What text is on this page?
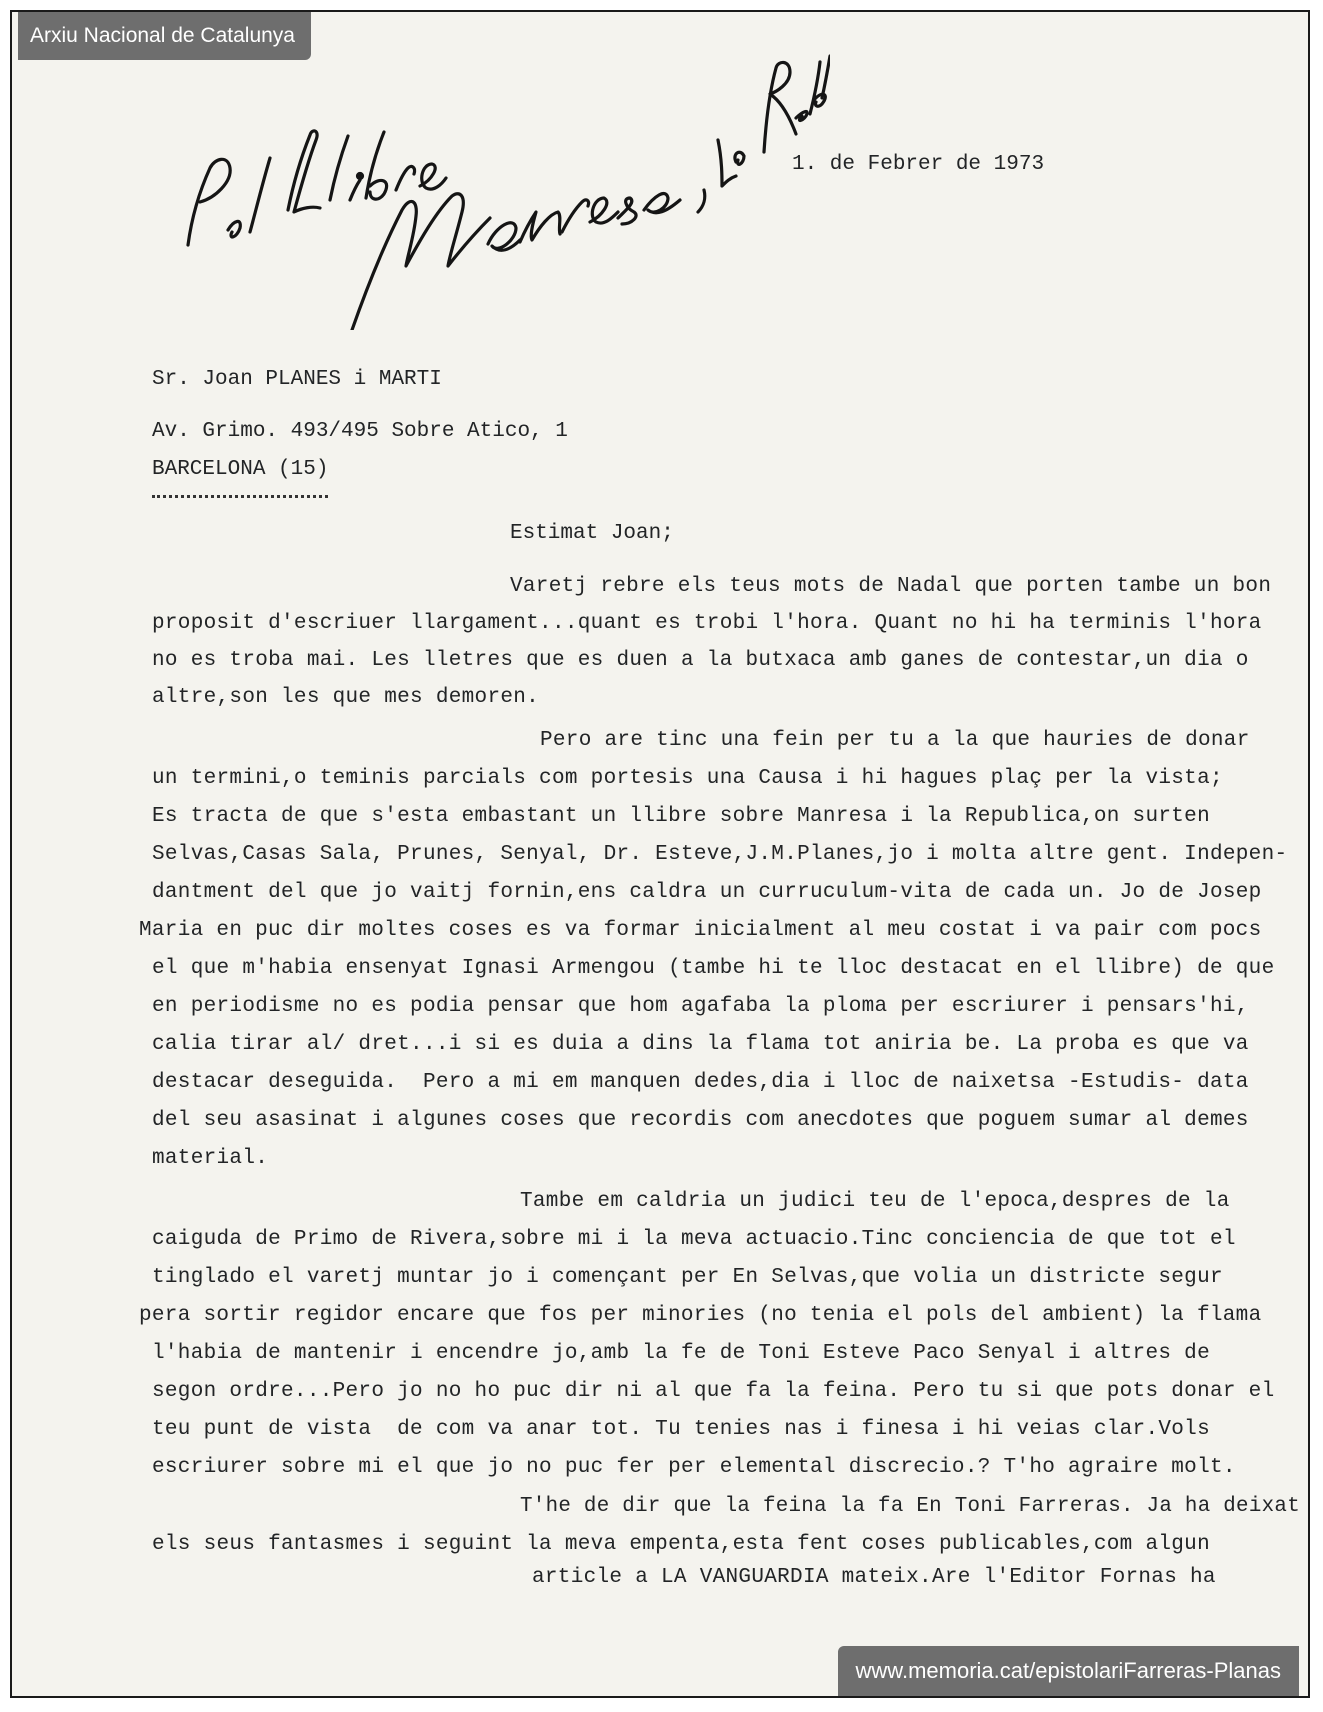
Arxiu Nacional de Catalunya
1. de Febrer de 1973
Sr. Joan PLANES i MARTI
Av. Grimo. 493/495 Sobre Atico, 1
BARCELONA (15)
Estimat Joan;
Varetj rebre els teus mots de Nadal que porten tambe un bon
proposit d'escriuer llargament...quant es trobi l'hora. Quant no hi ha terminis l'hora
no es troba mai. Les lletres que es duen a la butxaca amb ganes de contestar,un dia o
altre,son les que mes demoren.
Pero are tinc una fein per tu a la que hauries de donar
un termini,o teminis parcials com portesis una Causa i hi hagues plaç per la vista;
Es tracta de que s'esta embastant un llibre sobre Manresa i la Republica,on surten
Selvas,Casas Sala, Prunes, Senyal, Dr. Esteve,J.M.Planes,jo i molta altre gent. Indepen-
dantment del que jo vaitj fornin,ens caldra un curruculum-vita de cada un. Jo de Josep
Maria en puc dir moltes coses es va formar inicialment al meu costat i va pair com pocs
el que m'habia ensenyat Ignasi Armengou (tambe hi te lloc destacat en el llibre) de que
en periodisme no es podia pensar que hom agafaba la ploma per escriurer i pensars'hi,
calia tirar al/ dret...i si es duia a dins la flama tot aniria be. La proba es que va
destacar deseguida.  Pero a mi em manquen dedes,dia i lloc de naixetsa -Estudis- data
del seu asasinat i algunes coses que recordis com anecdotes que poguem sumar al demes
material.
Tambe em caldria un judici teu de l'epoca,despres de la
caiguda de Primo de Rivera,sobre mi i la meva actuacio.Tinc conciencia de que tot el
tinglado el varetj muntar jo i començant per En Selvas,que volia un districte segur
pera sortir regidor encare que fos per minories (no tenia el pols del ambient) la flama
l'habia de mantenir i encendre jo,amb la fe de Toni Esteve Paco Senyal i altres de
segon ordre...Pero jo no ho puc dir ni al que fa la feina. Pero tu si que pots donar el
teu punt de vista  de com va anar tot. Tu tenies nas i finesa i hi veias clar.Vols
escriurer sobre mi el que jo no puc fer per elemental discrecio.? T'ho agraire molt.
T'he de dir que la feina la fa En Toni Farreras. Ja ha deixat
els seus fantasmes i seguint la meva empenta,esta fent coses publicables,com algun
article a LA VANGUARDIA mateix.Are l'Editor Fornas ha
www.memoria.cat/epistolariFarreras-Planas
